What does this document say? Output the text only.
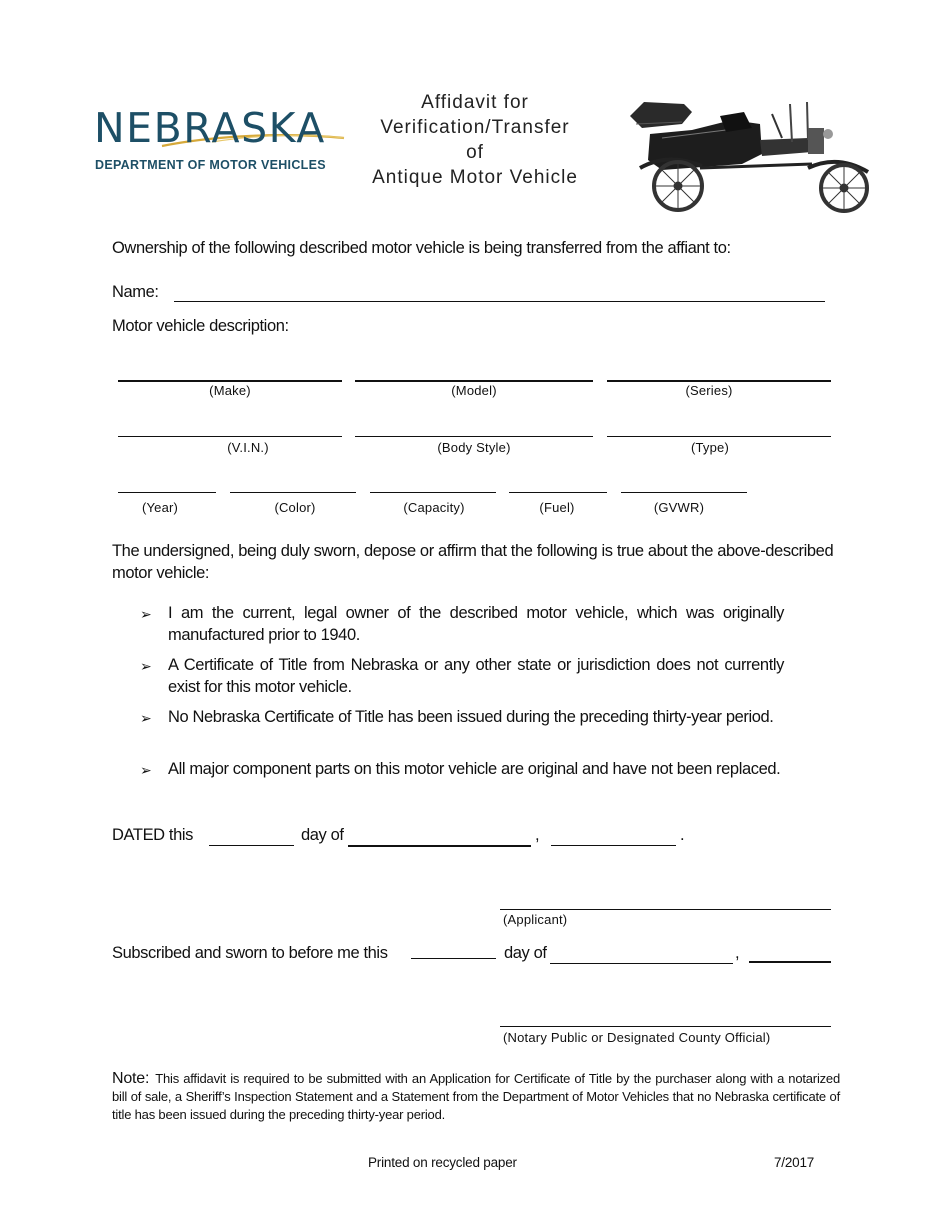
NEBRASKA
DEPARTMENT OF MOTOR VEHICLES
Affidavit for
Verification/Transfer
of
Antique Motor Vehicle
Ownership of the following described motor vehicle is being transferred from the affiant to:
Name:
Motor vehicle description:
(Make)	(Model)	(Series)
(V.I.N.)	(Body Style)	(Type)
(Year)	(Color)	(Capacity)	(Fuel)	(GVWR)
The undersigned, being duly sworn, depose or affirm that the following is true about the above-described motor vehicle:
➢ I am the current, legal owner of the described motor vehicle, which was originally manufactured prior to 1940.
➢ A Certificate of Title from Nebraska or any other state or jurisdiction does not currently exist for this motor vehicle.
➢ No Nebraska Certificate of Title has been issued during the preceding thirty-year period.
➢ All major component parts on this motor vehicle are original and have not been replaced.
DATED this	day of	,	.
(Applicant)
Subscribed and sworn to before me this	day of	,
(Notary Public or Designated County Official)
Note: This affidavit is required to be submitted with an Application for Certificate of Title by the purchaser along with a notarized bill of sale, a Sheriff’s Inspection Statement and a Statement from the Department of Motor Vehicles that no Nebraska certificate of title has been issued during the preceding thirty-year period.
Printed on recycled paper	7/2017
